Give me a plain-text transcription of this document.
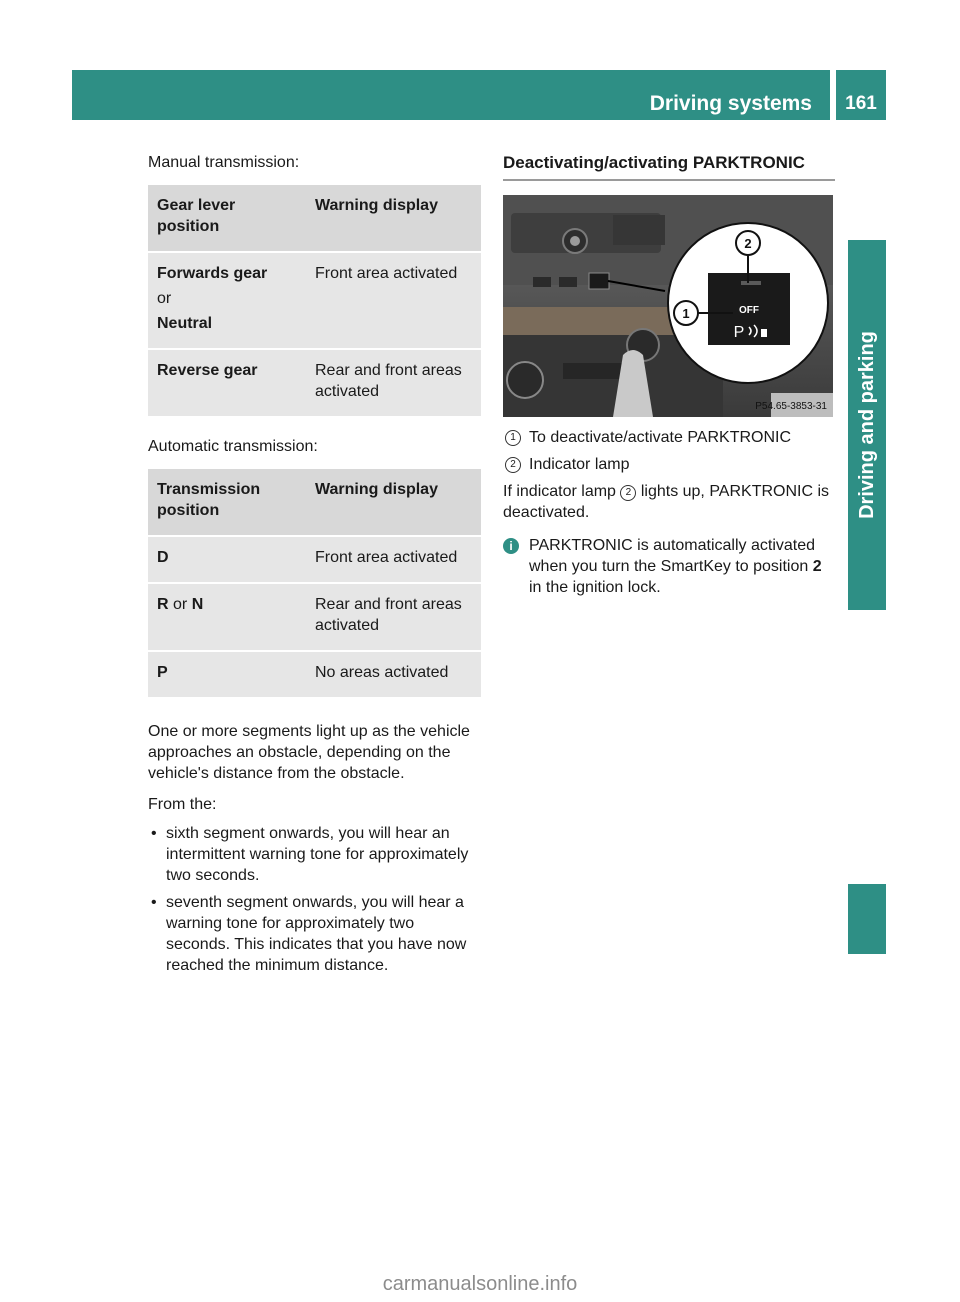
Driving systems	161
Driving and parking

Manual transmission:

Gear lever position	Warning display

Forwards gear

or

Neutral	Front area activated
Reverse gear	Rear and front areas activated

Automatic transmission:

Transmission position	Warning display
D	Front area activated
R or N	Rear and front areas activated
P	No areas activated

One or more segments light up as the vehicle approaches an obstacle, depending on the vehicle's distance from the obstacle.

From the:

• sixth segment onwards, you will hear an intermittent warning tone for approximately two seconds.
• seventh segment onwards, you will hear a warning tone for approximately two seconds. This indicates that you have now reached the minimum distance.

Deactivating/activating PARKTRONIC

OFF
P
2
1
P54.65-3853-31
1 To deactivate/activate PARKTRONIC
2 Indicator lamp

If indicator lamp 2 lights up, PARKTRONIC is deactivated.

i	PARKTRONIC is automatically activated when you turn the SmartKey to position 2 in the ignition lock.
carmanualsonline.info
